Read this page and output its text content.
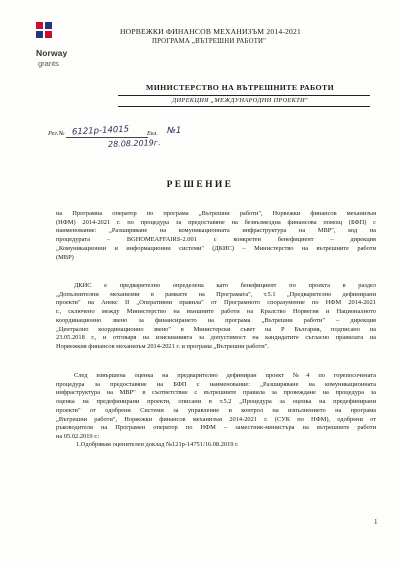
Norway
grants
НОРВЕЖКИ ФИНАНСОВ МЕХАНИЗЪМ 2014-2021
ПРОГРАМА „ВЪТРЕШНИ РАБОТИ"
МИНИСТЕРСТВО НА ВЪТРЕШНИТЕ РАБОТИ
ДИРЕКЦИЯ „МЕЖДУНАРОДНИ ПРОЕКТИ"
Рег.№ 6121р-14015	Екз. №1
28.08.2019г.
РЕШЕНИЕ
на Програмна оператор по програма „Вътрешни работи", Норвежки финансов механизъм
(НФМ) 2014-2021 г. по процедура за предоставяне на безвъзмездна финансова помощ (БФП) с
наименование: „Разширяване на комуникационната инфраструктура на МВР", код на
процедурата – BGHOMEAFFAIRS-2.001 с конкретен бенефициент – дирекция
„Комуникационни и информационни системи" (ДКИС) – Министерство на вътрешните работи
(МВР)
ДКИС е предварително определена като бенефициент по проекта в раздел
„Допълнителни механизми в рамките на Програмата", т.5.1 „Предварително дефинирани
проекти" на Анекс II „Оперативни правила" от Програмното споразумение по НФМ 2014-2021
г., сключено между Министерство на външните работи на Кралство Норвегия и Националното
координационно звено за финансирането на програма „Вътрешни работи" – дирекция
„Централно координационно звено" в Министерски съвет на Р България, подписано на
23.05.2018 г., и отговаря на изискванията за допустимост на кандидатите съгласно правилата на
Норвежкия финансов механизъм 2014-2021 г. и програма „Вътрешни работи".
След извършена оценка на предварително дефиниран проект №4 по горепосочената
процедура за предоставяне на БФП с наименование: „Разширяване на комуникационната
инфраструктура на МВР" в съответствие с вътрешните правила за провеждане на процедура за
оценка на предефинирани проекти, описани в т.5.2 „Процедура за оценка на предефинирани
проекти" от одобрени Системи за управление и контрол на изпълнението на програма
„Вътрешни работи", Норвежки финансов механизъм 2014-2021 г. (СУК по НФМ), одобрени от
ръководителя на Програмен оператор по НФМ – заместник-министъра на вътрешните работи
на 05.02.2019 г.:
1.Одобрявам оценителен доклад №121р-14751/16.08.2019 г.
1
